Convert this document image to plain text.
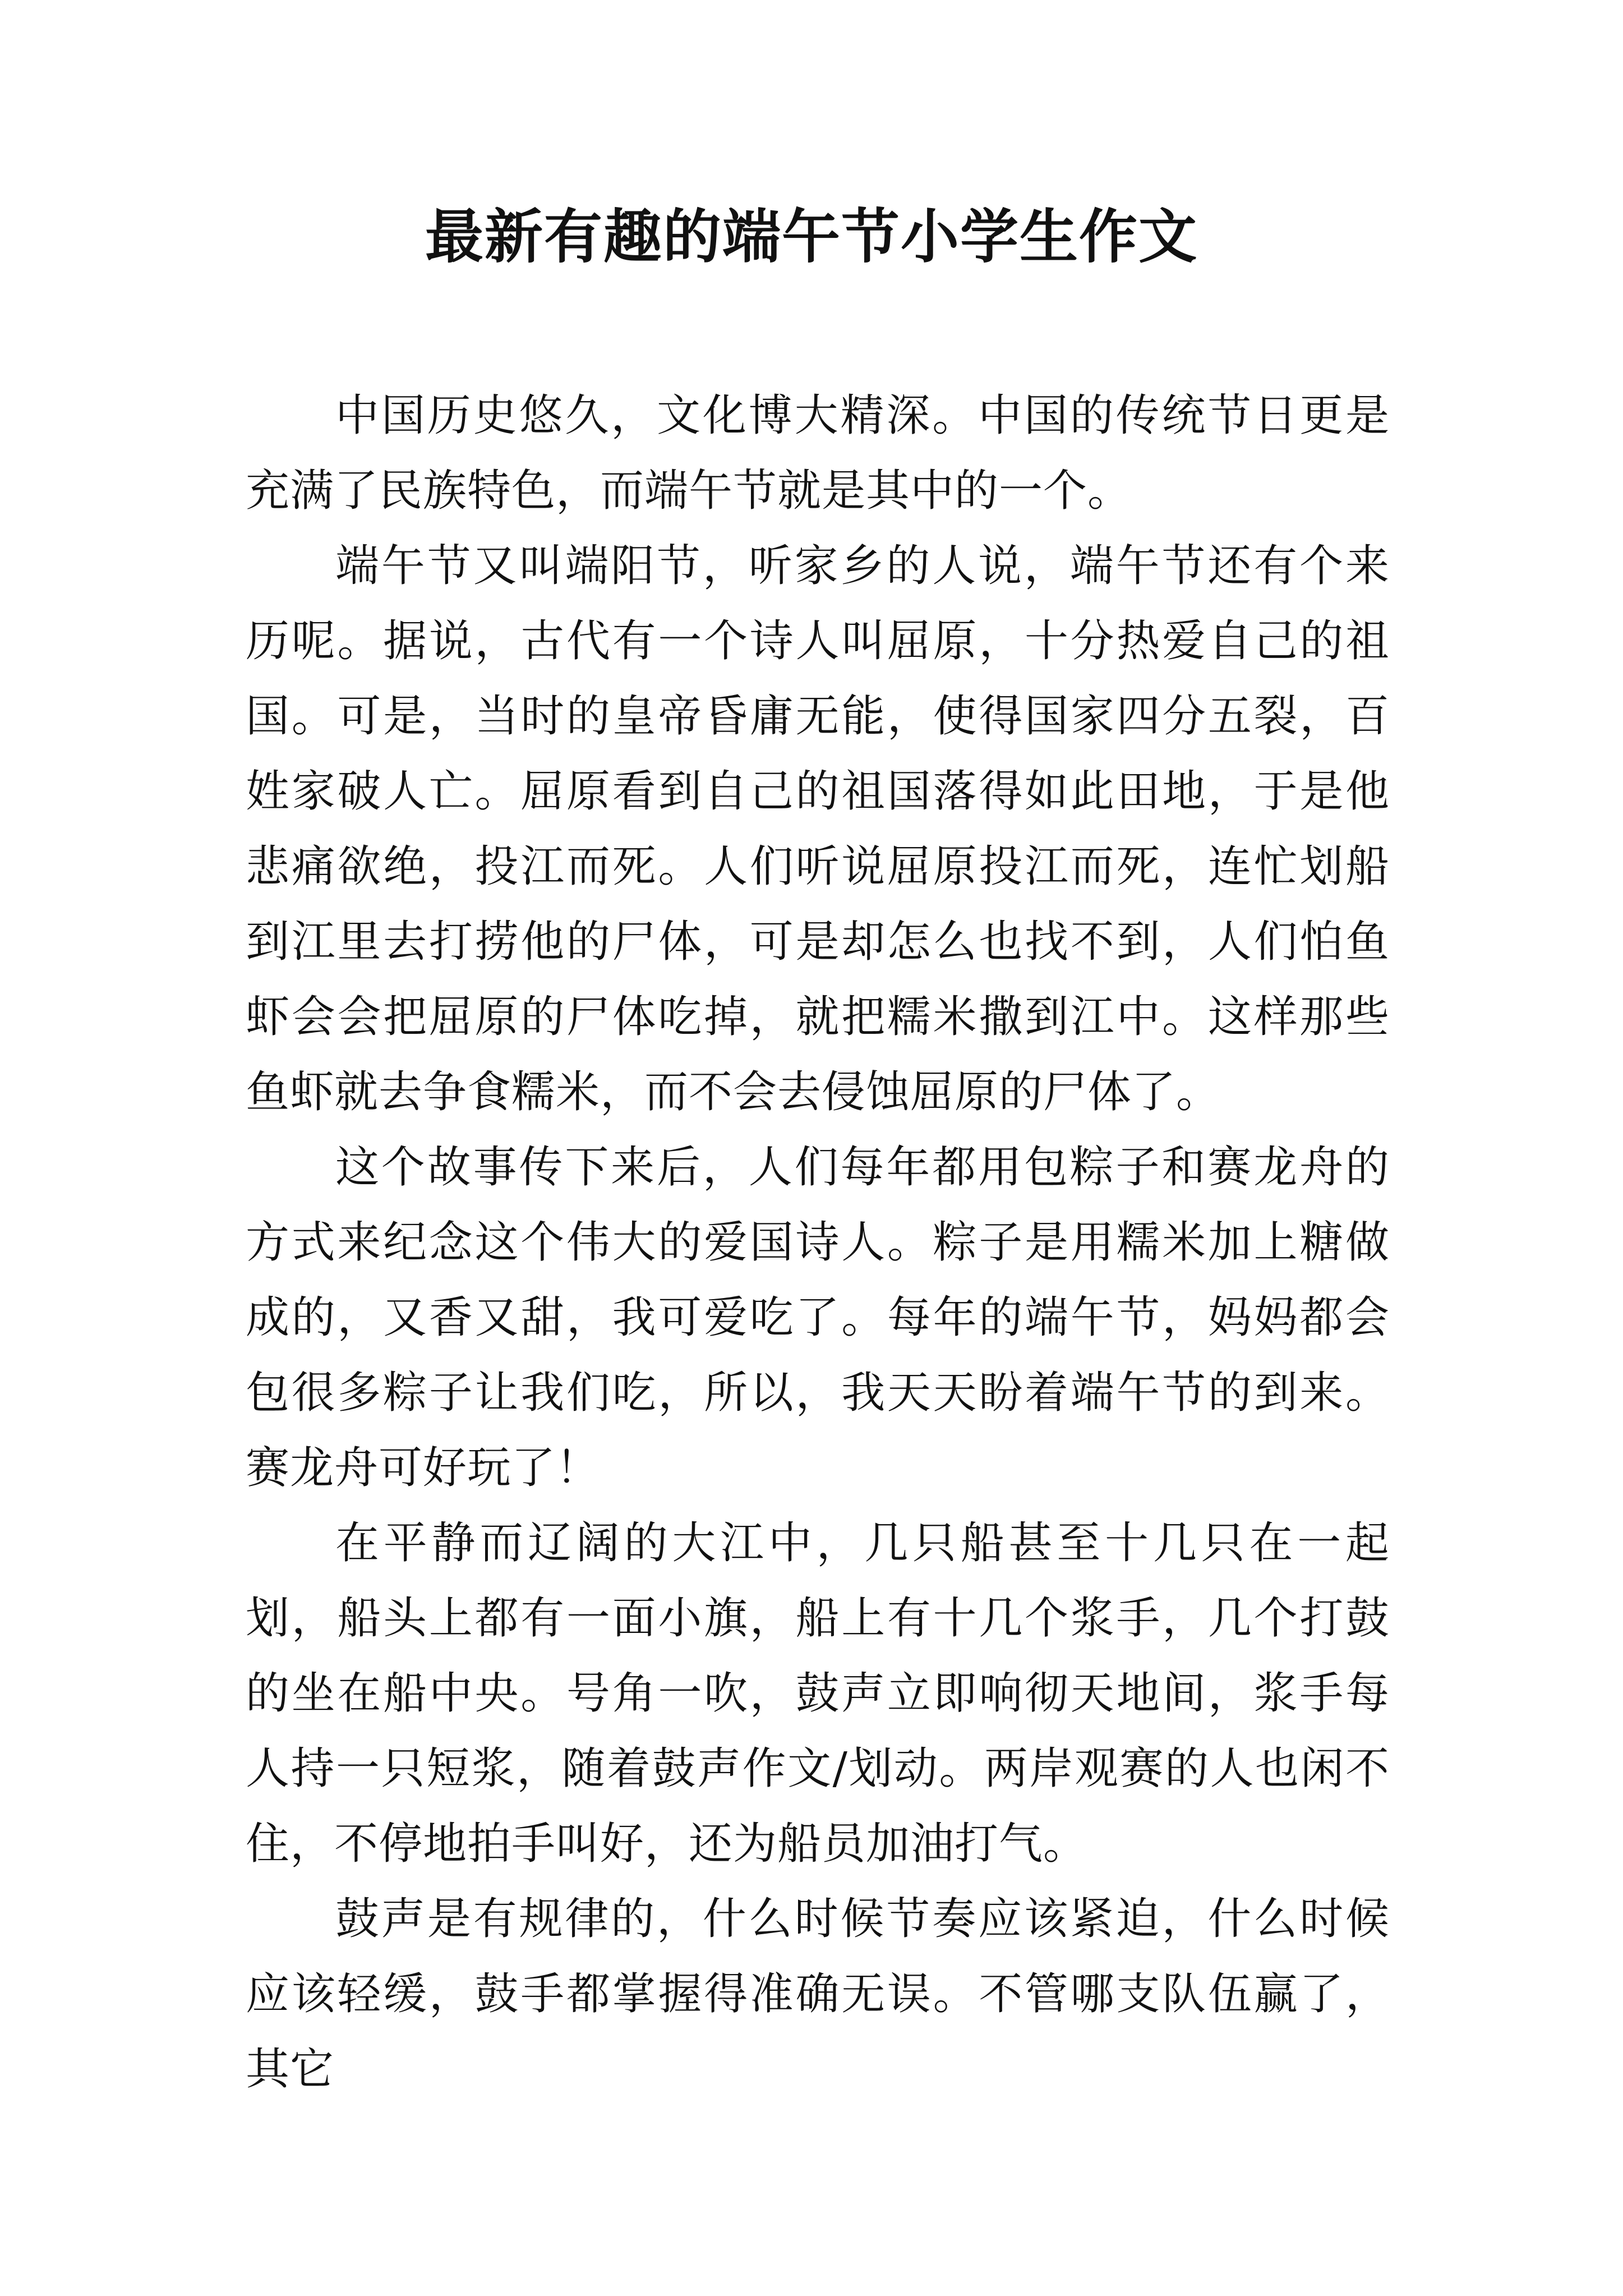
最新有趣的端午节小学生作文

中国历史悠久，文化博大精深。中国的传统节日更是充满了民族特色，而端午节就是其中的一个。

端午节又叫端阳节，听家乡的人说，端午节还有个来历呢。据说，古代有一个诗人叫屈原，十分热爱自己的祖国。可是，当时的皇帝昏庸无能，使得国家四分五裂，百姓家破人亡。屈原看到自己的祖国落得如此田地，于是他悲痛欲绝，投江而死。人们听说屈原投江而死，连忙划船到江里去打捞他的尸体，可是却怎么也找不到，人们怕鱼虾会会把屈原的尸体吃掉，就把糯米撒到江中。这样那些鱼虾就去争食糯米，而不会去侵蚀屈原的尸体了。

这个故事传下来后，人们每年都用包粽子和赛龙舟的方式来纪念这个伟大的爱国诗人。粽子是用糯米加上糖做成的，又香又甜，我可爱吃了。每年的端午节，妈妈都会包很多粽子让我们吃，所以，我天天盼着端午节的到来。赛龙舟可好玩了！

在平静而辽阔的大江中，几只船甚至十几只在一起划，船头上都有一面小旗，船上有十几个浆手，几个打鼓的坐在船中央。号角一吹，鼓声立即响彻天地间，浆手每人持一只短浆，随着鼓声作文/划动。两岸观赛的人也闲不住，不停地拍手叫好，还为船员加油打气。

鼓声是有规律的，什么时候节奏应该紧迫，什么时候应该轻缓，鼓手都掌握得准确无误。不管哪支队伍赢了，其它
